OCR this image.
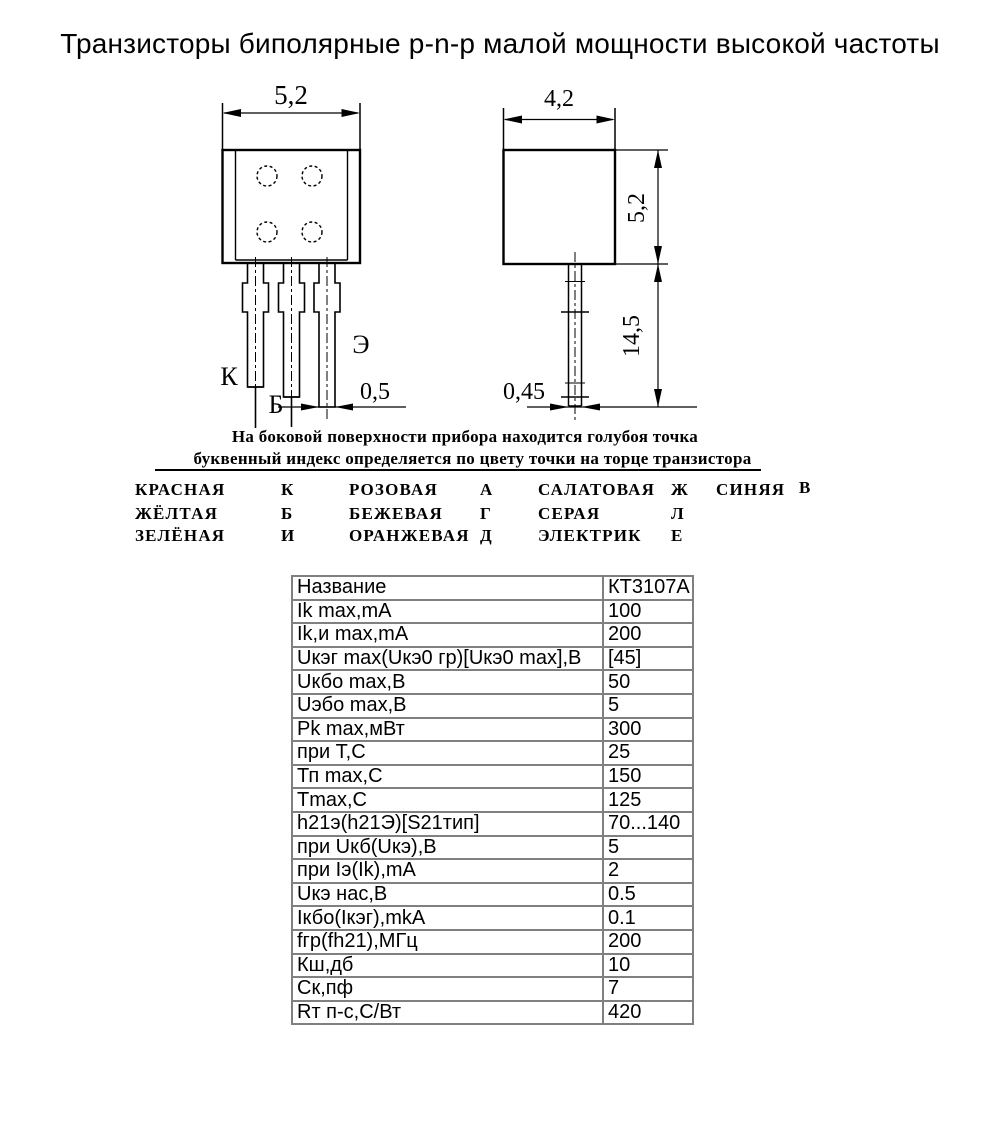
Транзисторы биполярные p-n-p малой мощности высокой частоты
5,2
0,5
К
Б
Э
4,2
5,2
14,5
0,45
На боковой поверхности прибора находится голубоя точка
буквенный индекс определяется по цвету точки на торце транзистора
КРАСНАЯ	К	РОЗОВАЯ А	САЛАТОВАЯ Ж СИНЯЯ В
ЖЁЛТАЯ	Б	БЕЖЕВАЯ Г	СЕРАЯ	Л
ЗЕЛЁНАЯ	И	ОРАНЖЕВАЯ Д	ЭЛЕКТРИК Е
Название	КТ3107А
Ik max,mA	100
Ik,и max,mA	200
Uкэг max(Uкэ0 гр)[Uкэ0 max],В	[45]
Uкбо max,В	50
Uэбо max,В	5
Pk max,мВт	300
при Т,С	25
Тп max,С	150
Tmax,С	125
h21э(h21Э)[S21тип]	70...140
при Uкб(Uкэ),В	5
при Iэ(Ik),mA	2
Uкэ нас,В	0.5
Iкбо(Iкэг),mkA	0.1
fгр(fh21),МГц	200
Кш,дб	10
Ск,пф	7
Rт п-с,С/Вт	420
